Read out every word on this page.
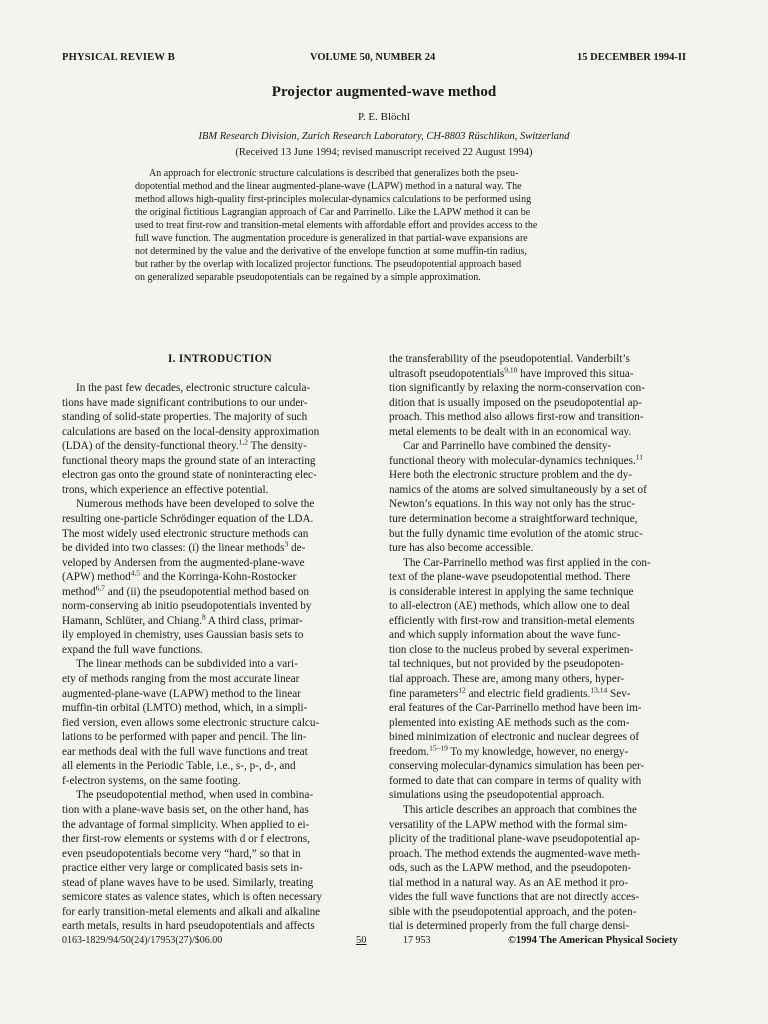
PHYSICAL REVIEW B	VOLUME 50, NUMBER 24	15 DECEMBER 1994-II
Projector augmented-wave method
P. E. Blöchl
IBM Research Division, Zurich Research Laboratory, CH-8803 Rüschlikon, Switzerland
(Received 13 June 1994; revised manuscript received 22 August 1994)
An approach for electronic structure calculations is described that generalizes both the pseu-
dopotential method and the linear augmented-plane-wave (LAPW) method in a natural way. The
method allows high-quality first-principles molecular-dynamics calculations to be performed using
the original fictitious Lagrangian approach of Car and Parrinello. Like the LAPW method it can be
used to treat first-row and transition-metal elements with affordable effort and provides access to the
full wave function. The augmentation procedure is generalized in that partial-wave expansions are
not determined by the value and the derivative of the envelope function at some muffin-tin radius,
but rather by the overlap with localized projector functions. The pseudopotential approach based
on generalized separable pseudopotentials can be regained by a simple approximation.
I. INTRODUCTION
In the past few decades, electronic structure calcula-
tions have made significant contributions to our under-
standing of solid-state properties. The majority of such
calculations are based on the local-density approximation
(LDA) of the density-functional theory.$^{1,2}$ The density-
functional theory maps the ground state of an interacting
electron gas onto the ground state of noninteracting elec-
trons, which experience an effective potential.
Numerous methods have been developed to solve the
resulting one-particle Schrödinger equation of the LDA.
The most widely used electronic structure methods can
be divided into two classes: (i) the linear methods$^3$ de-
veloped by Andersen from the augmented-plane-wave
(APW) method$^{4,5}$ and the Korringa-Kohn-Rostocker
method$^{6,7}$ and (ii) the pseudopotential method based on
norm-conserving ab initio pseudopotentials invented by
Hamann, Schlüter, and Chiang.$^8$ A third class, primar-
ily employed in chemistry, uses Gaussian basis sets to
expand the full wave functions.
The linear methods can be subdivided into a vari-
ety of methods ranging from the most accurate linear
augmented-plane-wave (LAPW) method to the linear
muffin-tin orbital (LMTO) method, which, in a simpli-
fied version, even allows some electronic structure calcu-
lations to be performed with paper and pencil. The lin-
ear methods deal with the full wave functions and treat
all elements in the Periodic Table, i.e., s-, p-, d-, and
f-electron systems, on the same footing.
The pseudopotential method, when used in combina-
tion with a plane-wave basis set, on the other hand, has
the advantage of formal simplicity. When applied to ei-
ther first-row elements or systems with d or f electrons,
even pseudopotentials become very “hard,” so that in
practice either very large or complicated basis sets in-
stead of plane waves have to be used. Similarly, treating
semicore states as valence states, which is often necessary
for early transition-metal elements and alkali and alkaline
earth metals, results in hard pseudopotentials and affects
the transferability of the pseudopotential. Vanderbilt’s
ultrasoft pseudopotentials$^{9,10}$ have improved this situa-
tion significantly by relaxing the norm-conservation con-
dition that is usually imposed on the pseudopotential ap-
proach. This method also allows first-row and transition-
metal elements to be dealt with in an economical way.
Car and Parrinello have combined the density-
functional theory with molecular-dynamics techniques.$^{11}$
Here both the electronic structure problem and the dy-
namics of the atoms are solved simultaneously by a set of
Newton’s equations. In this way not only has the struc-
ture determination become a straightforward technique,
but the fully dynamic time evolution of the atomic struc-
ture has also become accessible.
The Car-Parrinello method was first applied in the con-
text of the plane-wave pseudopotential method. There
is considerable interest in applying the same technique
to all-electron (AE) methods, which allow one to deal
efficiently with first-row and transition-metal elements
and which supply information about the wave func-
tion close to the nucleus probed by several experimen-
tal techniques, but not provided by the pseudopoten-
tial approach. These are, among many others, hyper-
fine parameters$^{12}$ and electric field gradients.$^{13,14}$ Sev-
eral features of the Car-Parrinello method have been im-
plemented into existing AE methods such as the com-
bined minimization of electronic and nuclear degrees of
freedom.$^{15-19}$ To my knowledge, however, no energy-
conserving molecular-dynamics simulation has been per-
formed to date that can compare in terms of quality with
simulations using the pseudopotential approach.
This article describes an approach that combines the
versatility of the LAPW method with the formal sim-
plicity of the traditional plane-wave pseudopotential ap-
proach. The method extends the augmented-wave meth-
ods, such as the LAPW method, and the pseudopoten-
tial method in a natural way. As an AE method it pro-
vides the full wave functions that are not directly acces-
sible with the pseudopotential approach, and the poten-
tial is determined properly from the full charge densi-
0163-1829/94/50(24)/17953(27)/$06.00	50	17 953	©1994 The American Physical Society
